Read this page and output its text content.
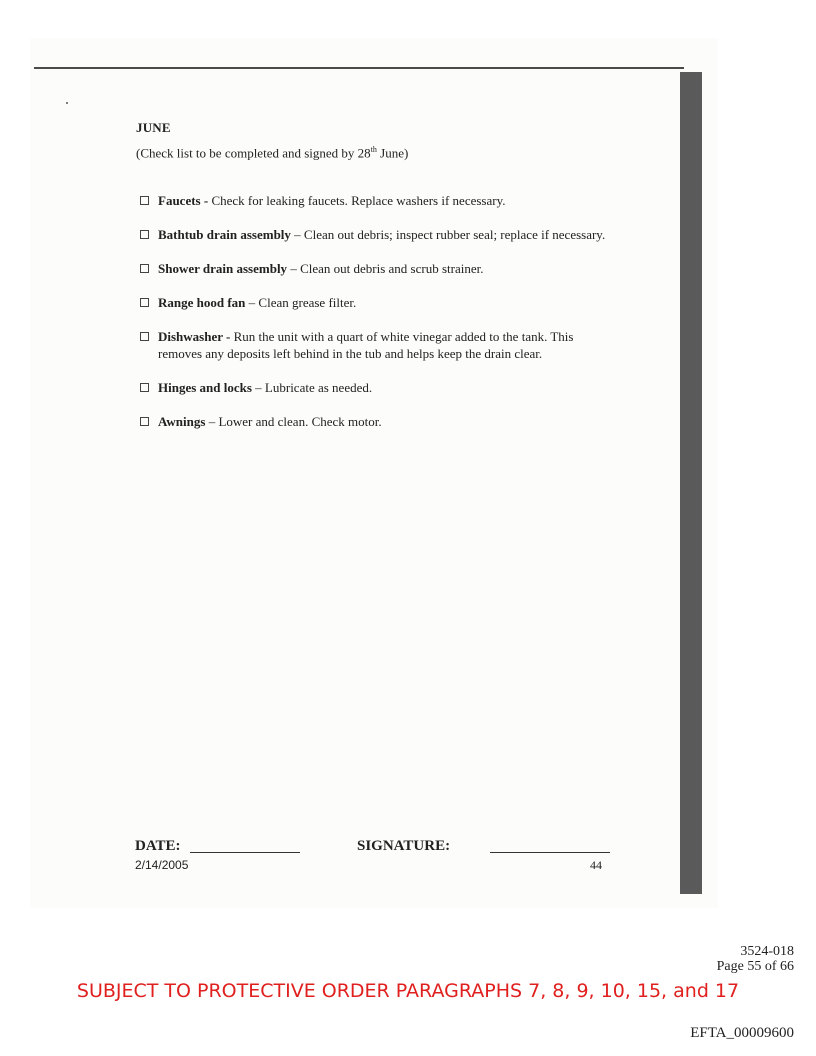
JUNE
(Check list to be completed and signed by 28th June)
Faucets - Check for leaking faucets. Replace washers if necessary.
Bathtub drain assembly – Clean out debris; inspect rubber seal; replace if necessary.
Shower drain assembly – Clean out debris and scrub strainer.
Range hood fan – Clean grease filter.
Dishwasher - Run the unit with a quart of white vinegar added to the tank. This removes any deposits left behind in the tub and helps keep the drain clear.
Hinges and locks – Lubricate as needed.
Awnings – Lower and clean. Check motor.
DATE:
2/14/2005
SIGNATURE:
44
3524-018
Page 55 of 66
SUBJECT TO PROTECTIVE ORDER PARAGRAPHS 7, 8, 9, 10, 15, and 17
EFTA_00009600
